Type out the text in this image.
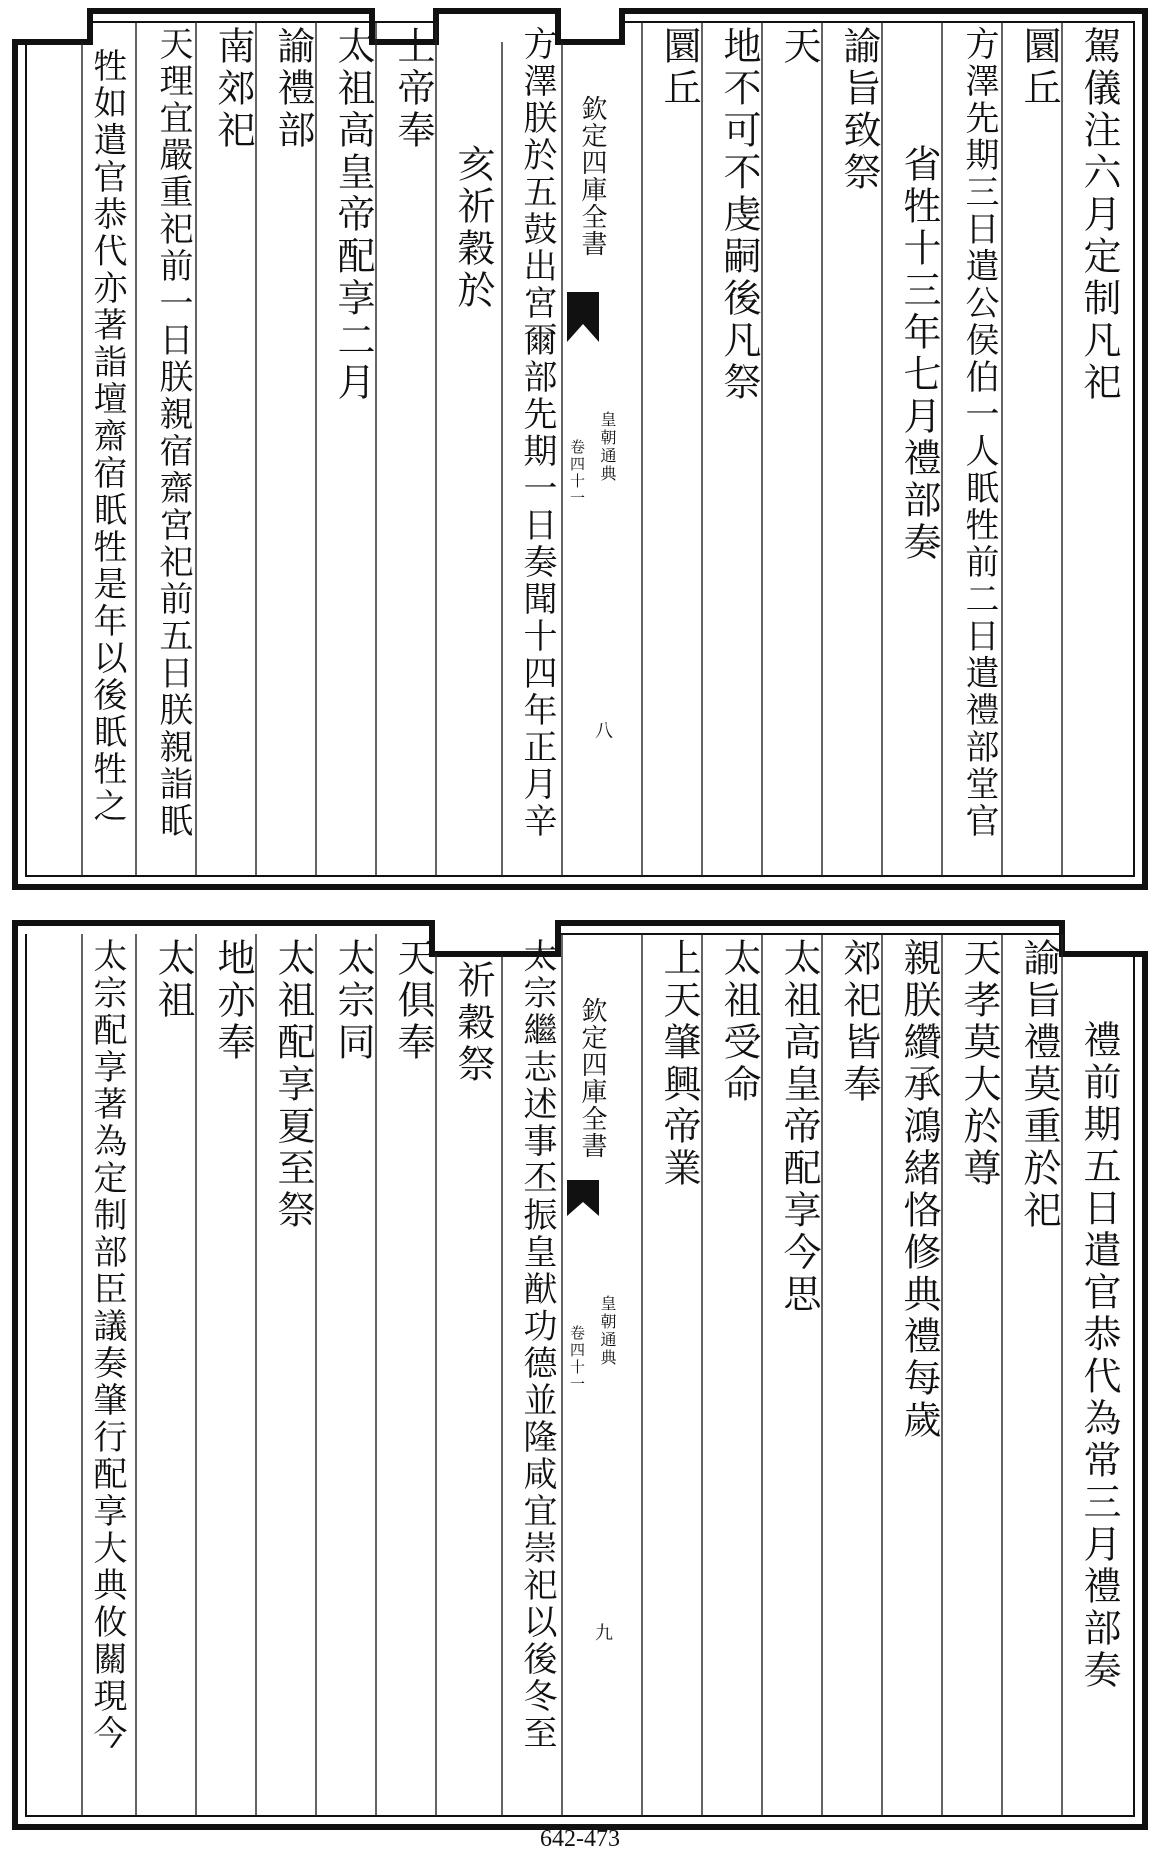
欽定四庫全書
皇朝通典
卷四十一
八
駕儀注六月定制凡祀
圜丘
方澤先期三日遣公侯伯一人眂牲前二日遣禮部堂官
省牲十三年七月禮部奏
諭旨致祭
天
地不可不虔嗣後凡祭
圜丘
方澤朕於五鼓出宮爾部先期一日奏聞十四年正月辛
亥祈穀於
上帝奉
太祖高皇帝配享二月
諭禮部
南郊祀
天理宜嚴重祀前一日朕親宿齋宮祀前五日朕親詣眂
牲如遣官恭代亦著詣壇齋宿眂牲是年以後眂牲之
欽定四庫全書
皇朝通典
卷四十一
九	禮前期五日遣官恭代為常三月禮部奏
諭旨禮莫重於祀
天孝莫大於尊
親朕纘承鴻緒恪修典禮每歲
郊祀皆奉
太祖高皇帝配享今思
太祖受命
上天肇興帝業
太宗繼志述事丕振皇猷功德並隆咸宜崇祀以後冬至
祈穀祭
天俱奉
太宗同
太祖配享夏至祭
地亦奉
太祖
太宗配享著為定制部臣議奏肇行配享大典攸關現今
642-473
